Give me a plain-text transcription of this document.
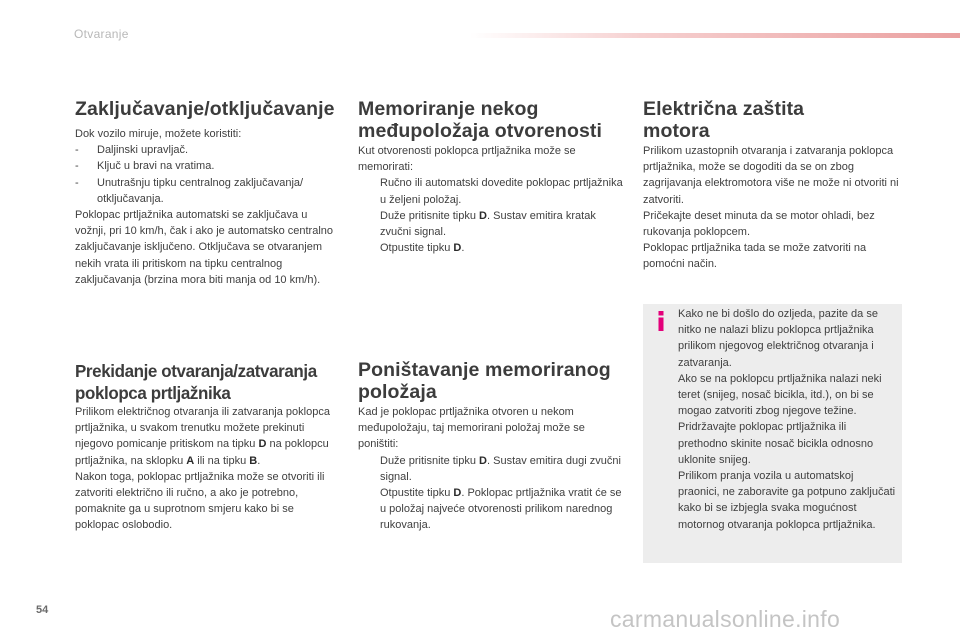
Otvaranje
Zaključavanje/otključavanje

Dok vozilo miruje, možete koristiti:

-	Daljinski upravljač.
-	Ključ u bravi na vratima.
-	Unutrašnju tipku centralnog zaključavanja/ otključavanja.

Poklopac prtljažnika automatski se zaključava u vožnji, pri 10 km/h, čak i ako je automatsko centralno zaključavanje isključeno. Otključava se otvaranjem nekih vrata ili pritiskom na tipku centralnog zaključavanja (brzina mora biti manja od 10 km/h).

Prekidanje otvaranja/zatvaranja
poklopca prtljažnika

Prilikom električnog otvaranja ili zatvaranja poklopca prtljažnika, u svakom trenutku možete prekinuti njegovo pomicanje pritiskom na tipku D na poklopcu prtljažnika, na sklopku A ili na tipku B.

Nakon toga, poklopac prtljažnika može se otvoriti ili zatvoriti električno ili ručno, a ako je potrebno, pomaknite ga u suprotnom smjeru kako bi se poklopac oslobodio.

Memoriranje nekog
međupoložaja otvorenosti

Kut otvorenosti poklopca prtljažnika može se memorirati:

Ručno ili automatski dovedite poklopac prtljažnika u željeni položaj.
Duže pritisnite tipku D. Sustav emitira kratak zvučni signal.
Otpustite tipku D.
Poništavanje memoriranog
položaja

Kad je poklopac prtljažnika otvoren u nekom međupoložaju, taj memorirani položaj može se poništiti:

Duže pritisnite tipku D. Sustav emitira dugi zvučni signal.
Otpustite tipku D. Poklopac prtljažnika vratit će se u položaj najveće otvorenosti prilikom narednog rukovanja.
Električna zaštita
motora

Prilikom uzastopnih otvaranja i zatvaranja poklopca prtljažnika, može se dogoditi da se on zbog zagrijavanja elektromotora više ne može ni otvoriti ni zatvoriti.

Pričekajte deset minuta da se motor ohladi, bez rukovanja poklopcem.

Poklopac prtljažnika tada se može zatvoriti na pomoćni način.

Kako ne bi došlo do ozljeda, pazite da se nitko ne nalazi blizu poklopca prtljažnika prilikom njegovog električnog otvaranja i zatvaranja.

Ako se na poklopcu prtljažnika nalazi neki teret (snijeg, nosač bicikla, itd.), on bi se mogao zatvoriti zbog njegove težine. Pridržavajte poklopac prtljažnika ili prethodno skinite nosač bicikla odnosno uklonite snijeg.

Prilikom pranja vozila u automatskoj praonici, ne zaboravite ga potpuno zaključati kako bi se izbjegla svaka mogućnost motornog otvaranja poklopca prtljažnika.

54	carmanualsonline.info
